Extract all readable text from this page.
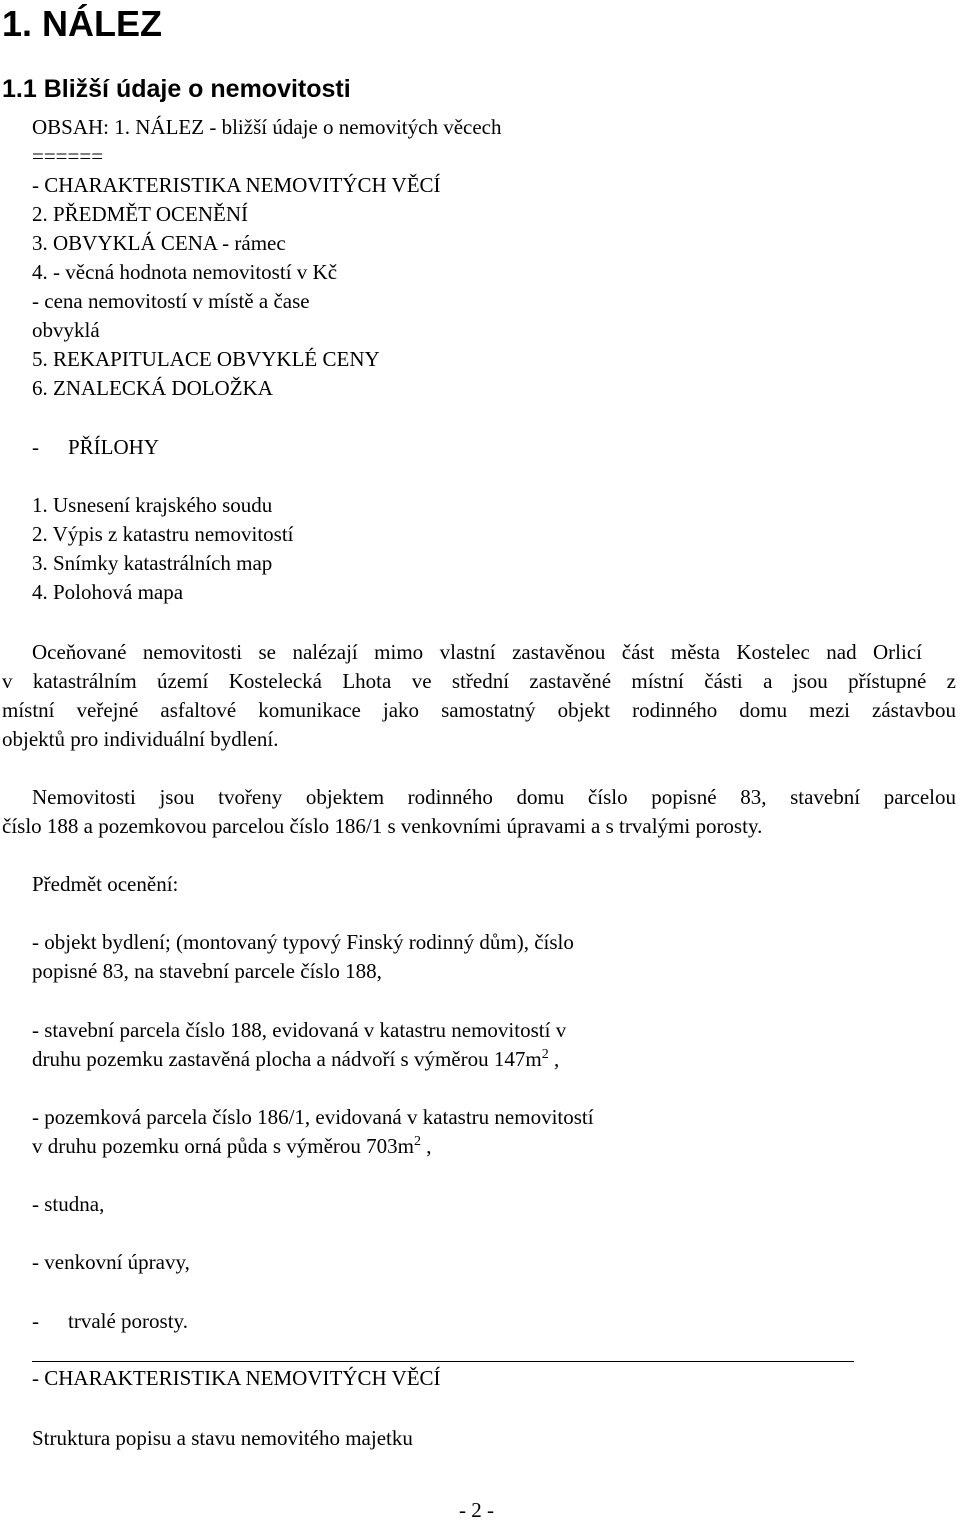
1. NÁLEZ
1.1 Bližší údaje o nemovitosti
OBSAH: 1. NÁLEZ - bližší údaje o nemovitých věcech
======
- CHARAKTERISTIKA NEMOVITÝCH VĚCÍ
2. PŘEDMĚT OCENĚNÍ
3. OBVYKLÁ CENA - rámec
4. - věcná hodnota nemovitostí v Kč
- cena nemovitostí v místě a čase
obvyklá
5. REKAPITULACE OBVYKLÉ CENY
6. ZNALECKÁ DOLOŽKA
- PŘÍLOHY
1. Usnesení krajského soudu
2. Výpis z katastru nemovitostí
3. Snímky katastrálních map
4. Polohová mapa
Oceňované nemovitosti se nalézají mimo vlastní zastavěnou část města Kostelec nad Orlicí
v katastrálním území Kostelecká Lhota ve střední zastavěné místní části a jsou přístupné z
místní veřejné asfaltové komunikace jako samostatný objekt rodinného domu mezi zástavbou
objektů pro individuální bydlení.
Nemovitosti jsou tvořeny objektem rodinného domu číslo popisné 83, stavební parcelou
číslo 188 a pozemkovou parcelou číslo 186/1 s venkovními úpravami a s trvalými porosty.
Předmět ocenění:
- objekt bydlení; (montovaný typový Finský rodinný dům), číslo
popisné 83, na stavební parcele číslo 188,
- stavební parcela číslo 188, evidovaná v katastru nemovitostí v
druhu pozemku zastavěná plocha a nádvoří s výměrou $147m^2$ ,
- pozemková parcela číslo 186/1, evidovaná v katastru nemovitostí
v druhu pozemku orná půda s výměrou $703m^2$ ,
- studna,
- venkovní úpravy,
- trvalé porosty.
- CHARAKTERISTIKA NEMOVITÝCH VĚCÍ
Struktura popisu a stavu nemovitého majetku
- 2 -
